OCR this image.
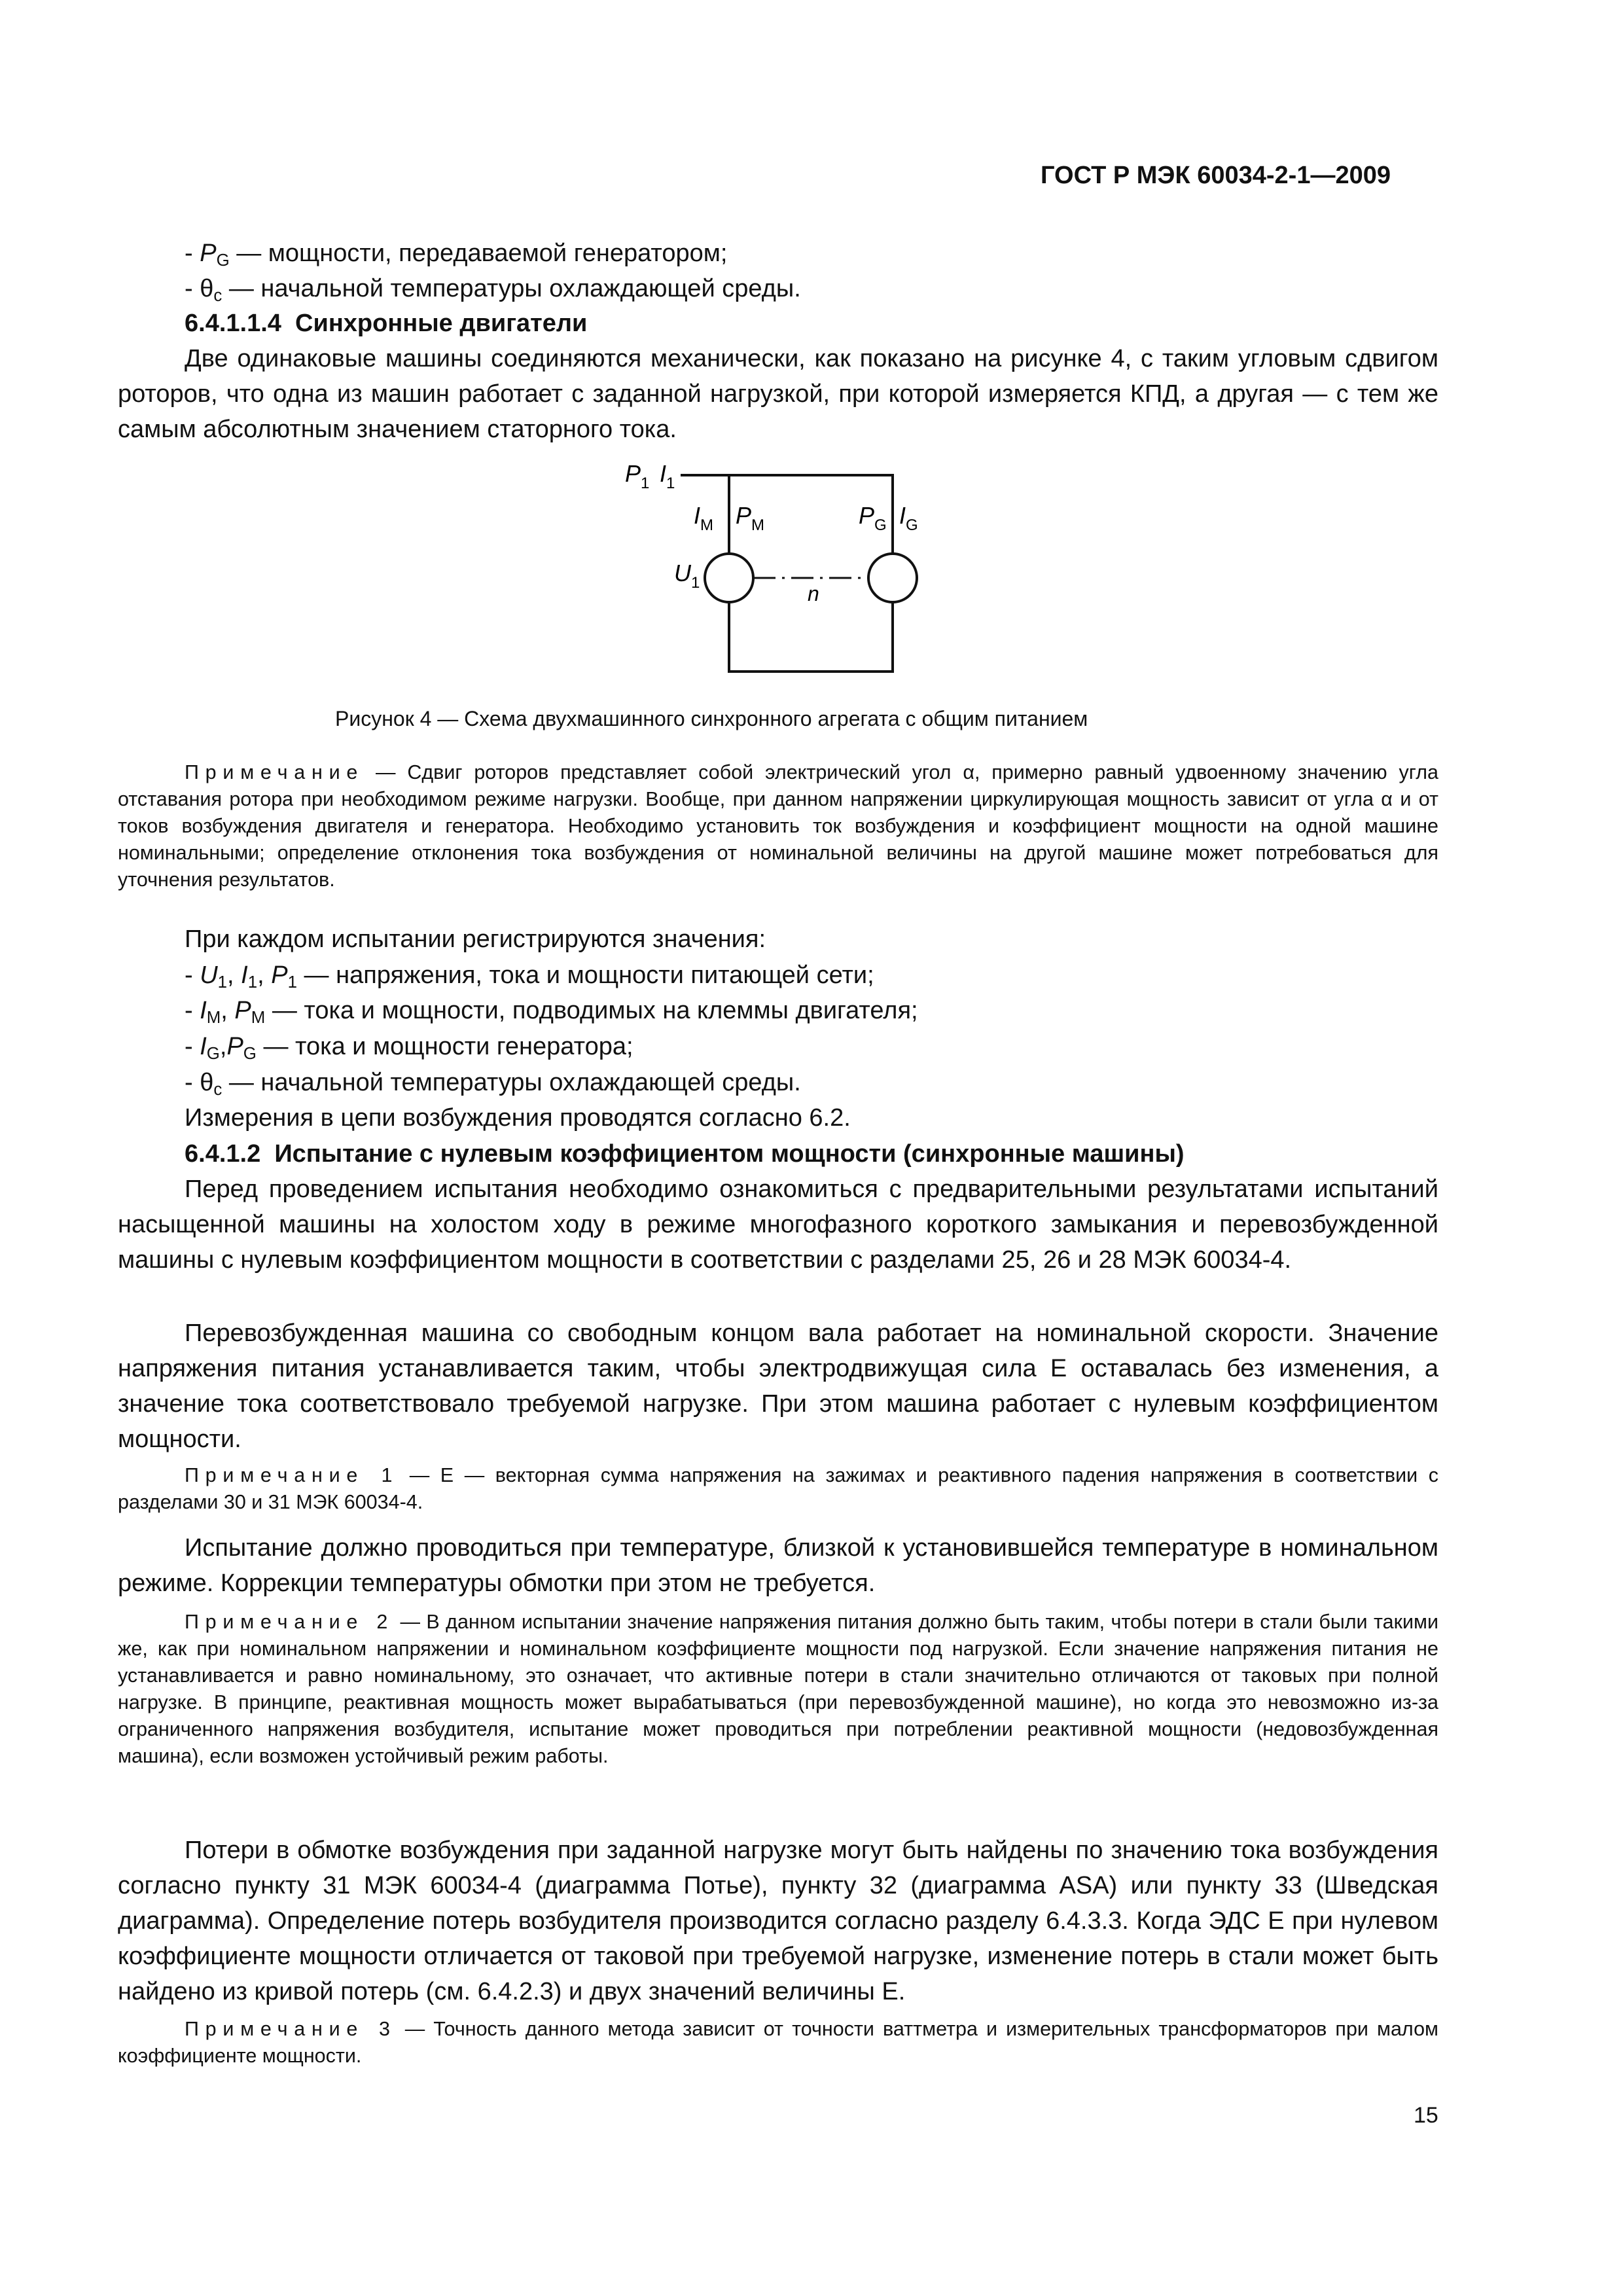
ГОСТ Р МЭК 60034-2-1—2009
- $P_G$ — мощности, передаваемой генератором;
- $\theta_c$ — начальной температуры охлаждающей среды.
6.4.1.1.4  Синхронные двигатели
Две одинаковые машины соединяются механически, как показано на рисунке 4, с таким угловым сдвигом роторов, что одна из машин работает с заданной нагрузкой, при которой измеряется КПД, а другая — с тем же самым абсолютным значением статорного тока.
$P_1$ $I_1$
$I_M$ $P_M$	$P_G$ $I_G$
$U_1$	n
Рисунок 4 — Схема двухмашинного синхронного агрегата с общим питанием
Примечание — Сдвиг роторов представляет собой электрический угол α, примерно равный удвоенному значению угла отставания ротора при необходимом режиме нагрузки. Вообще, при данном напряжении циркулирующая мощность зависит от угла α и от токов возбуждения двигателя и генератора. Необходимо установить ток возбуждения и коэффициент мощности на одной машине номинальными; определение отклонения тока возбуждения от номинальной величины на другой машине может потребоваться для уточнения результатов.
При каждом испытании регистрируются значения:
- $U_1$, $I_1$, $P_1$ — напряжения, тока и мощности питающей сети;
- $I_M$, $P_M$ — тока и мощности, подводимых на клеммы двигателя;
- $I_G,P_G$ — тока и мощности генератора;
- $\theta_c$ — начальной температуры охлаждающей среды.
Измерения в цепи возбуждения проводятся согласно 6.2.
6.4.1.2  Испытание с нулевым коэффициентом мощности (синхронные машины)
Перед проведением испытания необходимо ознакомиться с предварительными результатами испытаний насыщенной машины на холостом ходу в режиме многофазного короткого замыкания и перевозбужденной машины с нулевым коэффициентом мощности в соответствии с разделами 25, 26 и 28 МЭК 60034-4.
Перевозбужденная машина со свободным концом вала работает на номинальной скорости. Значение напряжения питания устанавливается таким, чтобы электродвижущая сила E оставалась без изменения, а значение тока соответствовало требуемой нагрузке. При этом машина работает с нулевым коэффициентом мощности.
Примечание 1 — E — векторная сумма напряжения на зажимах и реактивного падения напряжения в соответствии с разделами 30 и 31 МЭК 60034-4.
Испытание должно проводиться при температуре, близкой к установившейся температуре в номинальном режиме. Коррекции температуры обмотки при этом не требуется.
Примечание 2 — В данном испытании значение напряжения питания должно быть таким, чтобы потери в стали были такими же, как при номинальном напряжении и номинальном коэффициенте мощности под нагрузкой. Если значение напряжения питания не устанавливается и равно номинальному, это означает, что активные потери в стали значительно отличаются от таковых при полной нагрузке. В принципе, реактивная мощность может вырабатываться (при перевозбужденной машине), но когда это невозможно из-за ограниченного напряжения возбудителя, испытание может проводиться при потреблении реактивной мощности (недовозбужденная машина), если возможен устойчивый режим работы.
Потери в обмотке возбуждения при заданной нагрузке могут быть найдены по значению тока возбуждения согласно пункту 31 МЭК 60034-4 (диаграмма Потье), пункту 32 (диаграмма ASA) или пункту 33 (Шведская диаграмма). Определение потерь возбудителя производится согласно разделу 6.4.3.3. Когда ЭДС E при нулевом коэффициенте мощности отличается от таковой при требуемой нагрузке, изменение потерь в стали может быть найдено из кривой потерь (см. 6.4.2.3) и двух значений величины E.
Примечание 3 — Точность данного метода зависит от точности ваттметра и измерительных трансформаторов при малом коэффициенте мощности.
15
